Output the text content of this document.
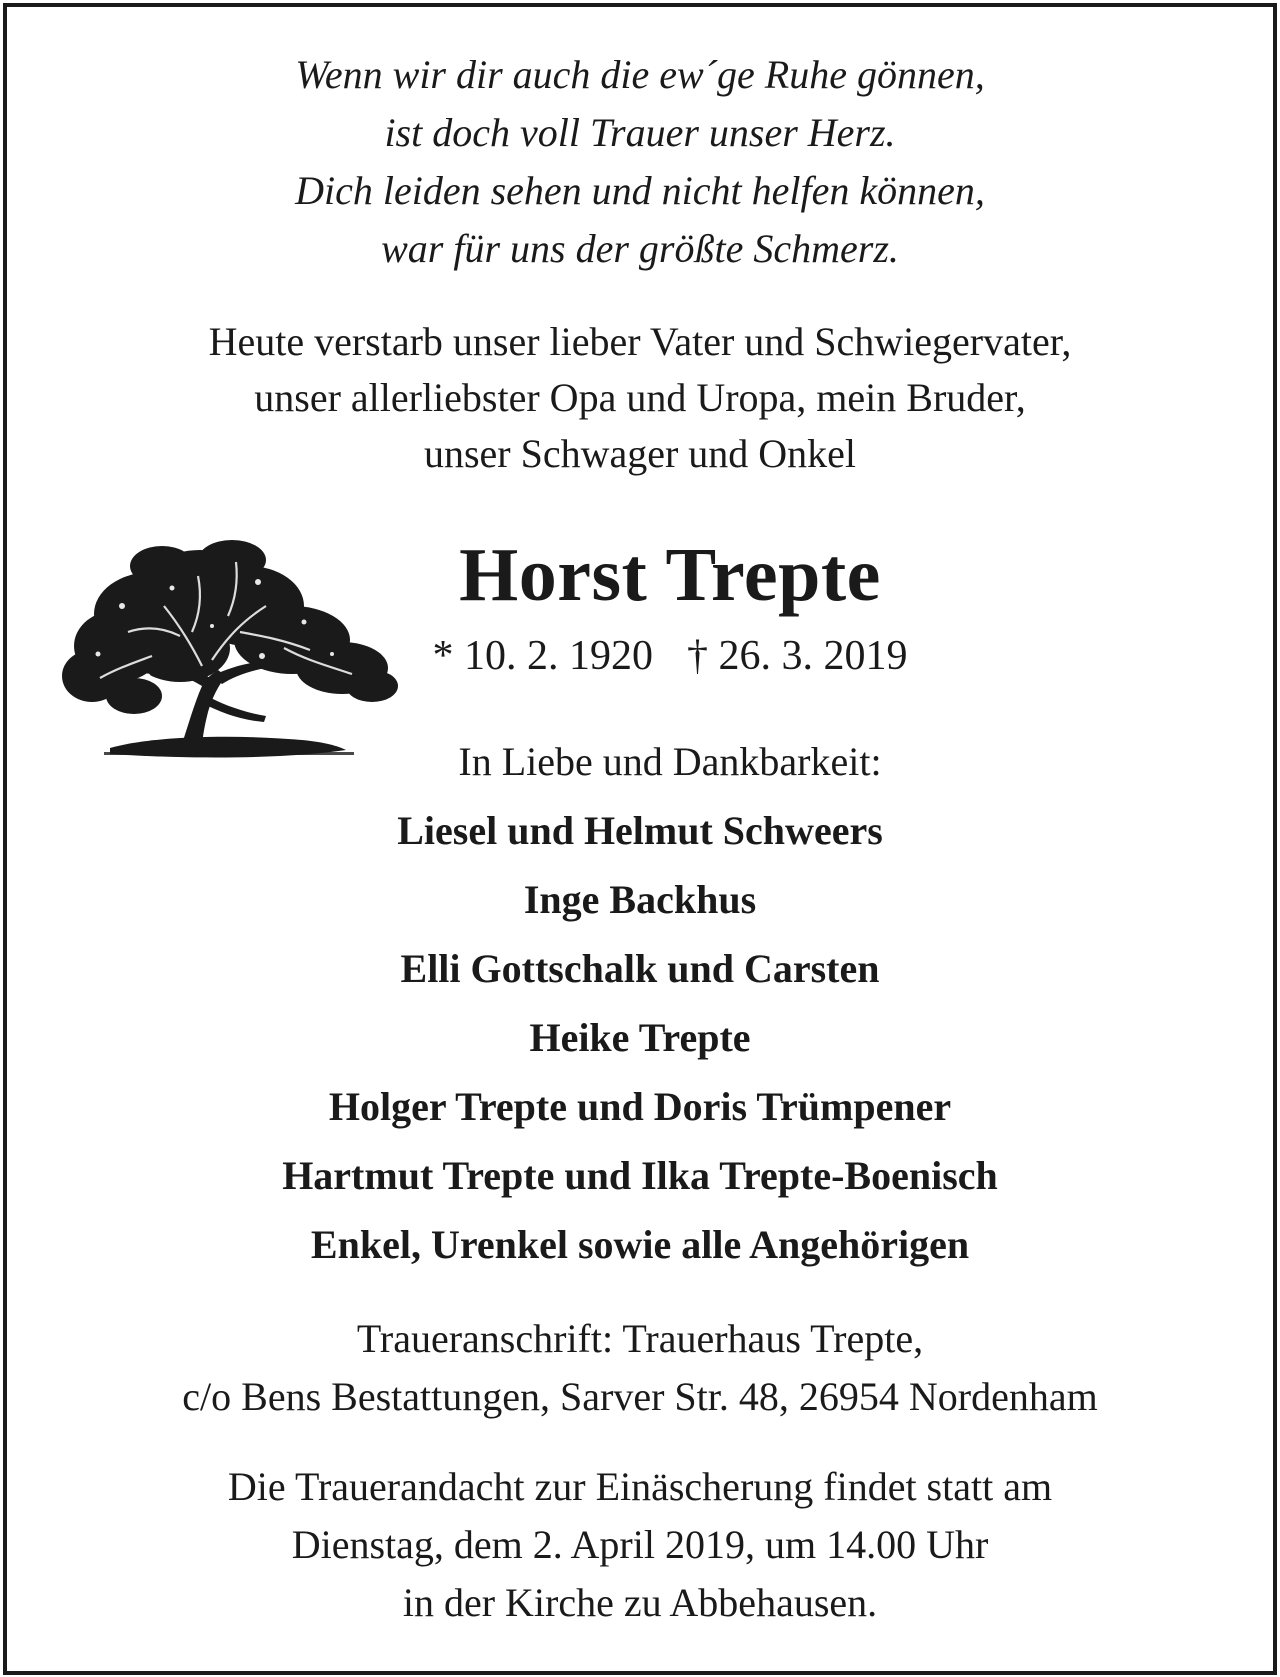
Wenn wir dir auch die ew´ge Ruhe gönnen,
ist doch voll Trauer unser Herz.
Dich leiden sehen und nicht helfen können,
war für uns der größte Schmerz.
Heute verstarb unser lieber Vater und Schwiegervater,
unser allerliebster Opa und Uropa, mein Bruder,
unser Schwager und Onkel
Horst Trepte
* 10. 2. 1920 † 26. 3. 2019
In Liebe und Dankbarkeit:
Liesel und Helmut Schweers
Inge Backhus
Elli Gottschalk und Carsten
Heike Trepte
Holger Trepte und Doris Trümpener
Hartmut Trepte und Ilka Trepte-Boenisch
Enkel, Urenkel sowie alle Angehörigen
Traueranschrift: Trauerhaus Trepte,
c/o Bens Bestattungen, Sarver Str. 48, 26954 Nordenham
Die Trauerandacht zur Einäscherung findet statt am
Dienstag, dem 2. April 2019, um 14.00 Uhr
in der Kirche zu Abbehausen.
